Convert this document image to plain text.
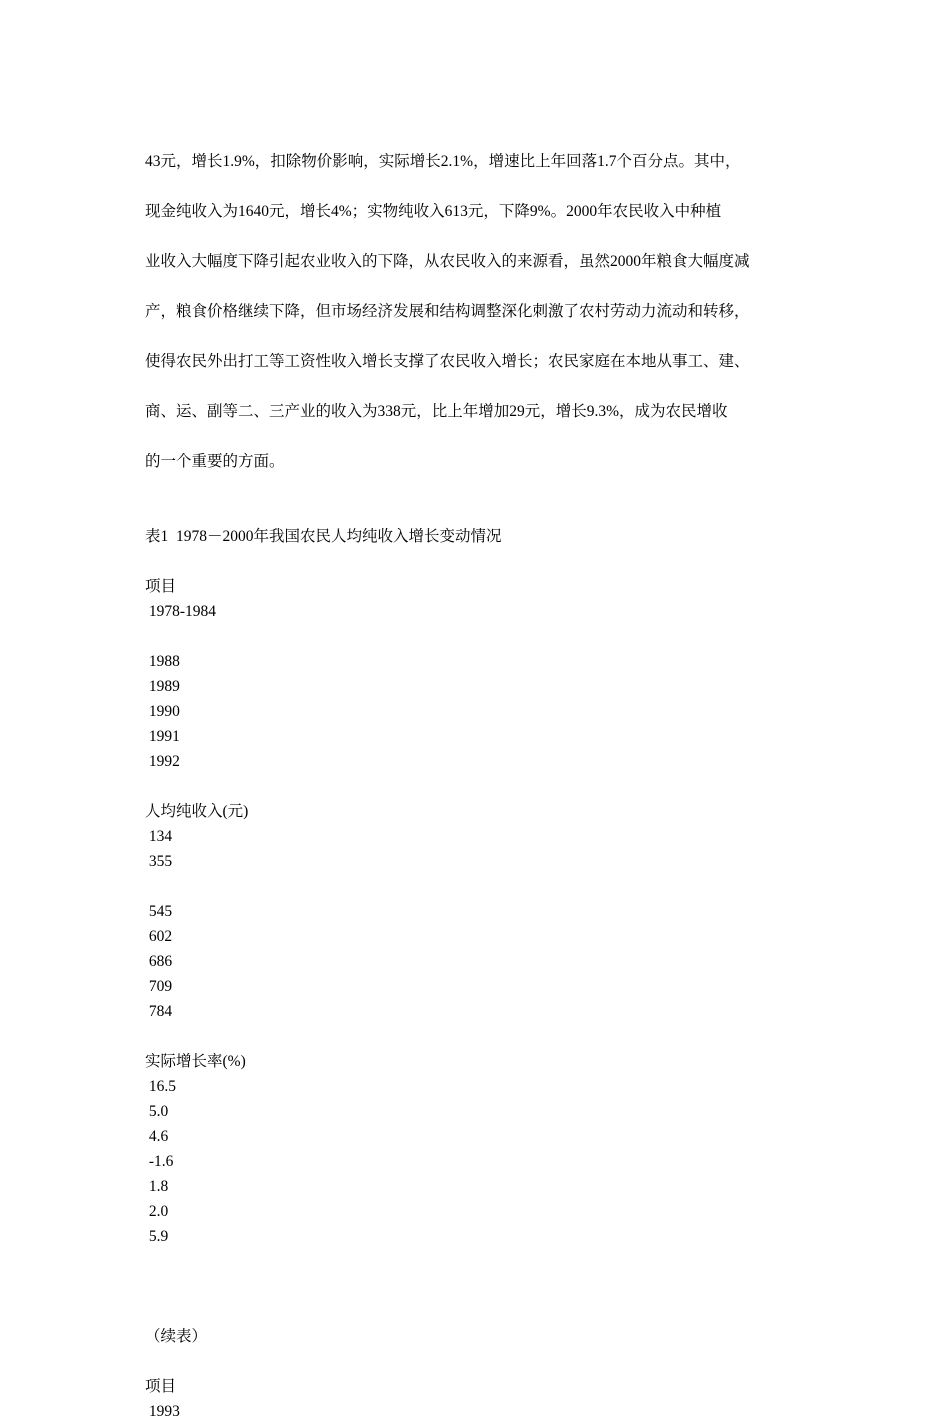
43元，增长1.9%，扣除物价影响，实际增长2.1%，增速比上年回落1.7个百分点。其中，

现金纯收入为1640元，增长4%；实物纯收入613元，下降9%。2000年农民收入中种植

业收入大幅度下降引起农业收入的下降，从农民收入的来源看，虽然2000年粮食大幅度减

产，粮食价格继续下降，但市场经济发展和结构调整深化刺激了农村劳动力流动和转移，

使得农民外出打工等工资性收入增长支撑了农民收入增长；农民家庭在本地从事工、建、

商、运、副等二、三产业的收入为338元，比上年增加29元，增长9.3%，成为农民增收

的一个重要的方面。

表1  1978－2000年我国农民人均纯收入增长变动情况
项目
1978-1984
1988
1989
1990
1991
1992
人均纯收入(元)
134
355
545
602
686
709
784
实际增长率(%)
16.5
5.0
4.6
-1.6
1.8
2.0
5.9
（续表）
项目
1993
